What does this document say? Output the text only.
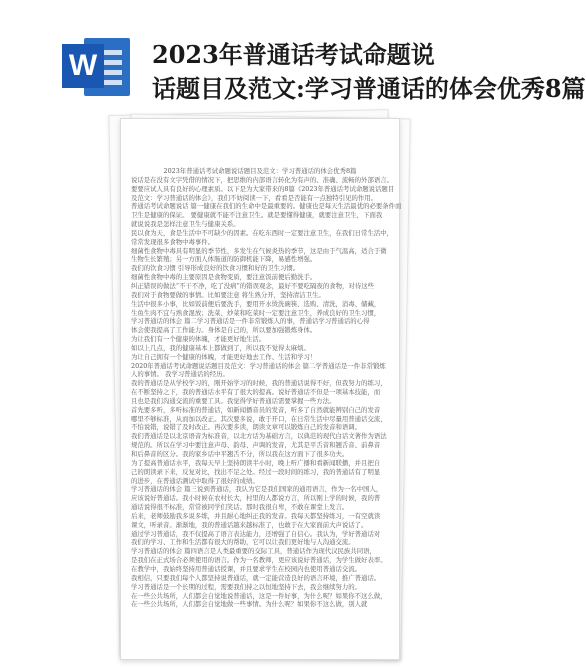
W 2023年普通话考试命题说
话题目及范文:学习普通话的体会优秀8篇
2023年普通话考试命题说话题目及范文：学习普通话的体会优秀8篇
说话是在没有文字凭借的情况下，把思维的内部语言转化为有声的、准确、流畅的外部语言。
要要应试人具有良好的心理素质。以下是为大家带来的8篇《2023年普通话考试命题说话题目
及范文：学习普通话的体会》，我们不妨阅读一下，看看是否能有一点独特引见的作用。
普通话考试命题说话 篇一健康在我们的生命中是最重要的。健康也是每天生活最优的必要条件而
卫生是健康的保证。 要健康就不能不注意卫生。就是要懂得健康，就要注意卫生，下面我
就说说我是怎样注意卫生与健康关系。
民以食为天，食是生活中不可缺少的因素。在吃东西时一定要注意卫生，在我们日常生活中，
常常发现很多食物中毒事件。
细菌性食物中毒具有明显的季节性，多发生在气候炎热的季节，这是由于气温高，适合于微
生物生长繁殖；另一方面人体肠道的防御机能下降，易感性增强。
我们的饮食习惯 引导形成良好的饮食习惯和好的卫生习惯。
细菌性食物中毒的主要原因是食物变质，要注意饭前便后勤洗手。
纠正错误的做法“不干不净，吃了没病”的错误观念，最好不要吃隔夜的食物，对待这些
我们对于食物要做的事情。比如要注意 将生熟分开，坚持清洁卫生。
生活中很多小事，比如饭前便后要洗手，要用开水烫洗碗筷、选购、清洗，消毒、储藏，
生鱼生肉不宜与熟食混放；洗菜、炒菜和吃菜时一定要注意卫生，养成良好的卫生习惯，
学习普通话的体会 篇二学习普通话是一件非常锻炼人的事，普通话学习普通话的心得
体会使我提高了工作能力。身体是自己的，所以要加强锻炼身体。
为让我们有一个健康的体魄，才能更好地生活。
如以上几点，我的健康基本上都做到了，所以我不觉得太麻烦。
为让自己拥有一个健康的体魄，才能更好地去工作、生活和学习！
2020年普通话考试命题说话题目及范文：学习普通话的体会 篇二学普通话是一件非常锻炼
人的事情。 我学习普通话的经历。
我的普通话是从学校学习的，刚开始学习的时候，我的普通话说得不好，但我努力的练习，
在不断坚持之下，我的普通话水平有了很大的提高。说好普通话不但是一项基本技能，而
且也是我们沟通交流的重要工具。我觉得学好普通话需要掌握一些方法。
首先要多听，多听标准的普通话，如新闻播音员的发音，听多了自然就能辨别自己的发音
哪里不够标准，从而加以改正。其次要多说，敢于开口，在日常生活中尽量用普通话交流，
不怕说错，说错了及时改正。再次要多读，朗读文章可以锻炼自己的发音和语调。
我们普通话是以北京语音为标准音，以北方话为基础方言，以典范的现代白话文著作为语法
规范的。所以在学习中要注意声母、韵母、声调的发音，尤其是平舌音和翘舌音、前鼻音
和后鼻音的区分。我的家乡话中平翘舌不分，所以我在这方面下了很多功夫。
为了提高普通话水平，我每天早上坚持朗读半小时，晚上听广播和看新闻联播，并且把自
己的朗读录下来，反复对比，找出不足之处。经过一段时间的练习，我的普通话有了明显
的进步，在普通话测试中取得了很好的成绩。
学习普通话的体会 篇三说到普通话，我认为它是我们国家的通用语言，作为一名中国人，
应该说好普通话。我小时候在农村长大，村里的人都说方言，所以刚上学的时候，我的普
通话说得很不标准，常常被同学们笑话。那时我很自卑，不敢在课堂上发言。
后来，老师鼓励我多说多练，并且耐心地纠正我的发音。我每天都坚持练习，一有空就读
课文，听录音。渐渐地，我的普通话越来越标准了，也敢于在大家面前大声说话了。
通过学习普通话，我不仅提高了语言表达能力，还增强了自信心。我认为，学好普通话对
我们的学习、工作和生活都有很大的帮助，它可以让我们更好地与人沟通交流。
学习普通话的体会 篇四语言是人类最重要的交际工具，普通话作为现代汉民族共同语，
是我们在正式场合必须使用的语言。作为一名教师，更应该说好普通话，为学生做好表率。
在教学中，我始终坚持用普通话授课，并且要求学生在校园内也使用普通话交流。
我相信，只要我们每个人都坚持说普通话，就一定能营造良好的语言环境，推广普通话。
学习普通话是一个长期的过程，需要我们持之以恒地坚持下去，我会继续努力的。
在一些公共场所，人们都会自觉地说普通话，这是一件好事，为什么呢？如果你不这么做，
在一些公共场所，人们都会自觉地做一些事情。为什么呢？如果你不这么做，别人就
